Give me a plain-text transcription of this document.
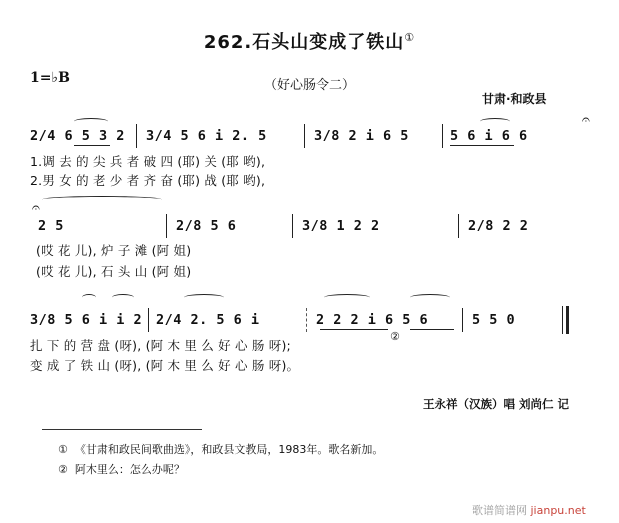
262.石头山变成了铁山①
1=♭B	（好心肠令二）
甘肃·和政县
2/4 6 5 3 2 3/4 5 6 i 2. 5	3/8 2 i 6 5	5 6 i 6 6
𝄐
1.调 去 的 尖 兵 者 破 四 (耶) 关 (耶 哟),
2.男 女 的 老 少 者 齐 奋 (耶) 战 (耶 哟),
𝄐
2 5	2/8 5 6	3/8 1 2 2	2/8 2 2
(哎 花 儿), 炉 子 滩 (阿 姐)
(哎 花 儿), 石 头 山 (阿 姐)
3/8 5 6 i i 2 2/4 2. 5 6 i	2 2 2 i 6 5 6	5 5 0
扎 下 的 营 盘 (呀), (阿 木 里 么 好 心 肠 呀);
②
变 成 了 铁 山 (呀), (阿 木 里 么 好 心 肠 呀)。
王永祥（汉族）唱 刘尚仁 记
① 《甘肃和政民间歌曲选》，和政县文教局，1983年。歌名新加。
② 阿木里么：怎么办呢？
歌谱简谱网 jianpu.net
